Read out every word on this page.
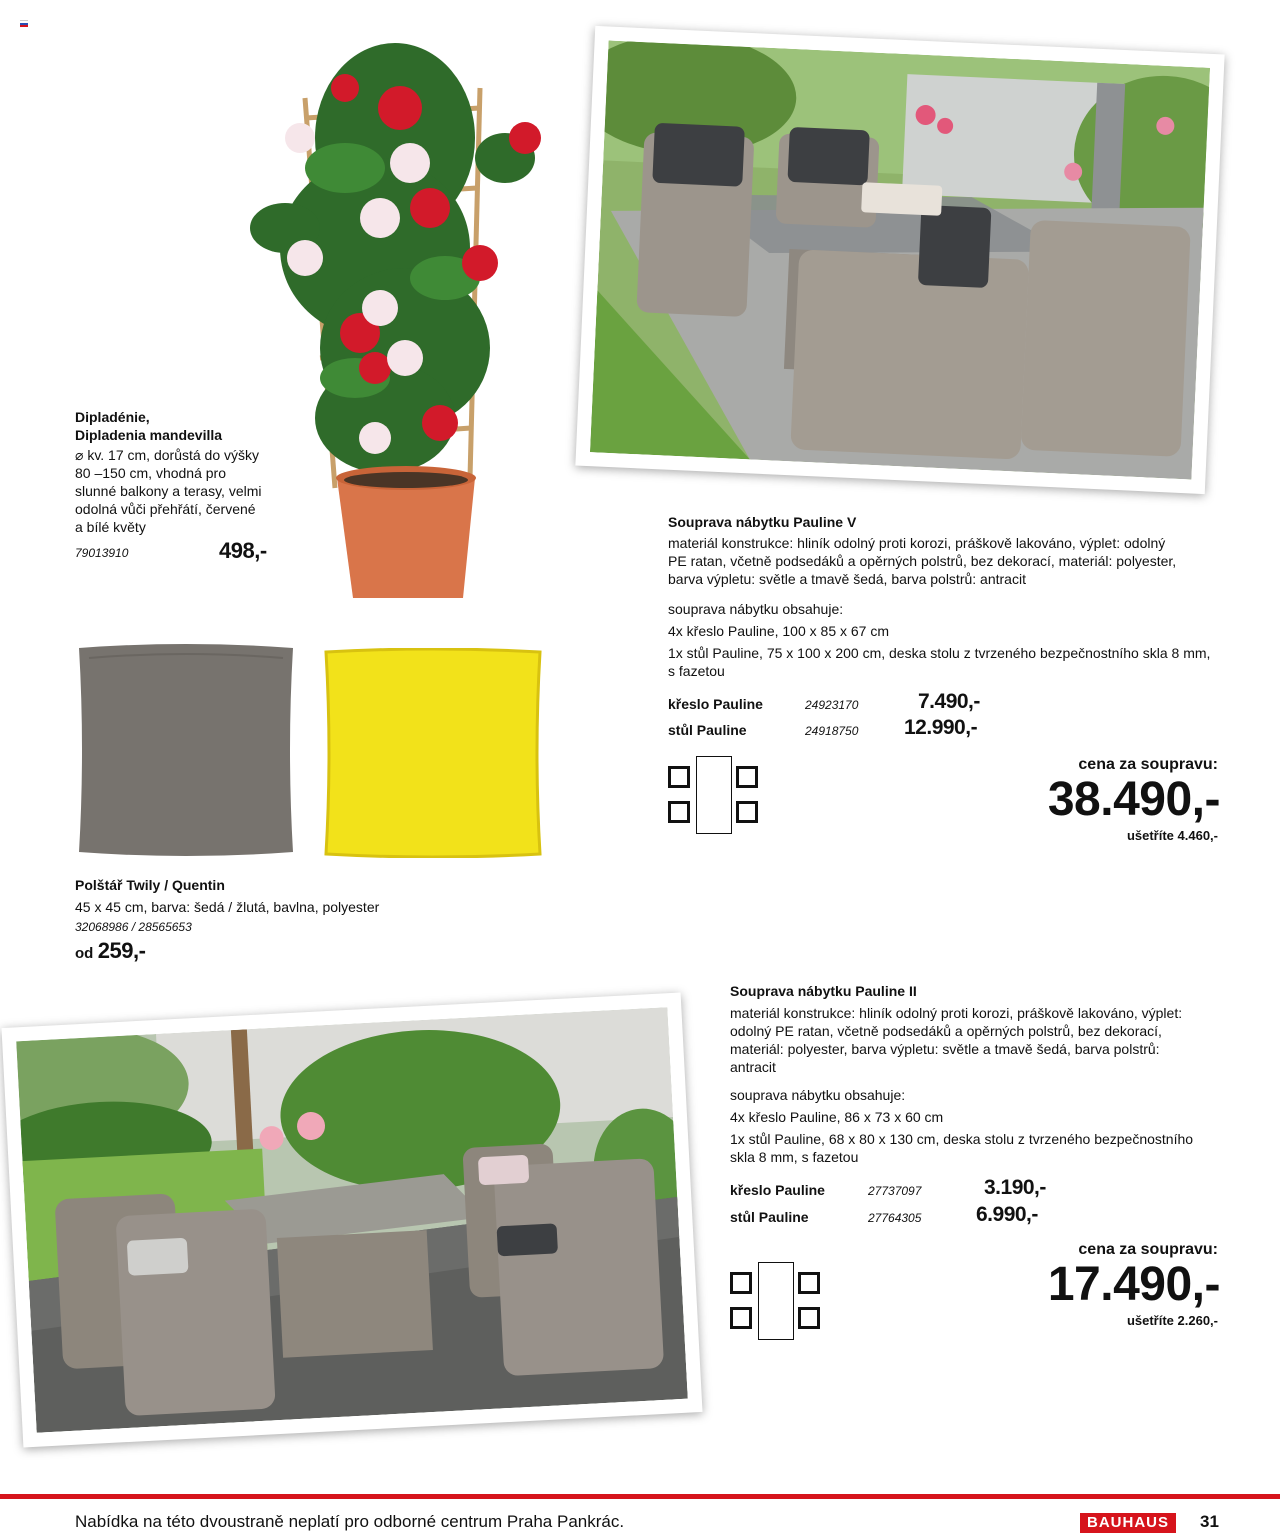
Dipladénie,
Dipladenia mandevilla
⌀ kv. 17 cm, dorůstá do výšky
80 –150 cm, vhodná pro
slunné balkony a terasy, velmi
odolná vůči přehřátí, červené
a bílé květy
79013910	498,-
Polštář Twily / Quentin
45 x 45 cm, barva: šedá / žlutá, bavlna, polyester
32068986 / 28565653
od 259,-
Souprava nábytku Pauline V
materiál konstrukce: hliník odolný proti korozi, práškově lakováno, výplet: odolný
PE ratan, včetně podsedáků a opěrných polstrů, bez dekorací, materiál: polyester,
barva výpletu: světle a tmavě šedá, barva polstrů: antracit
souprava nábytku obsahuje:
4x křeslo Pauline, 100 x 85 x 67 cm
1x stůl Pauline, 75 x 100 x 200 cm, deska stolu z tvrzeného bezpečnostního skla 8 mm,
s fazetou
křeslo Pauline	24923170	7.490,-
stůl Pauline	24918750 12.990,-
cena za soupravu:
38.490,-
ušetříte 4.460,-
Souprava nábytku Pauline II
materiál konstrukce: hliník odolný proti korozi, práškově lakováno, výplet:
odolný PE ratan, včetně podsedáků a opěrných polstrů, bez dekorací,
materiál: polyester, barva výpletu: světle a tmavě šedá, barva polstrů:
antracit
souprava nábytku obsahuje:
4x křeslo Pauline, 86 x 73 x 60 cm
1x stůl Pauline, 68 x 80 x 130 cm, deska stolu z tvrzeného bezpečnostního
skla 8 mm, s fazetou
křeslo Pauline	27737097	3.190,-
stůl Pauline	27764305	6.990,-
cena za soupravu:
17.490,-
ušetříte 2.260,-
Nabídka na této dvoustraně neplatí pro odborné centrum Praha Pankrác.	BAUHAUS	31
